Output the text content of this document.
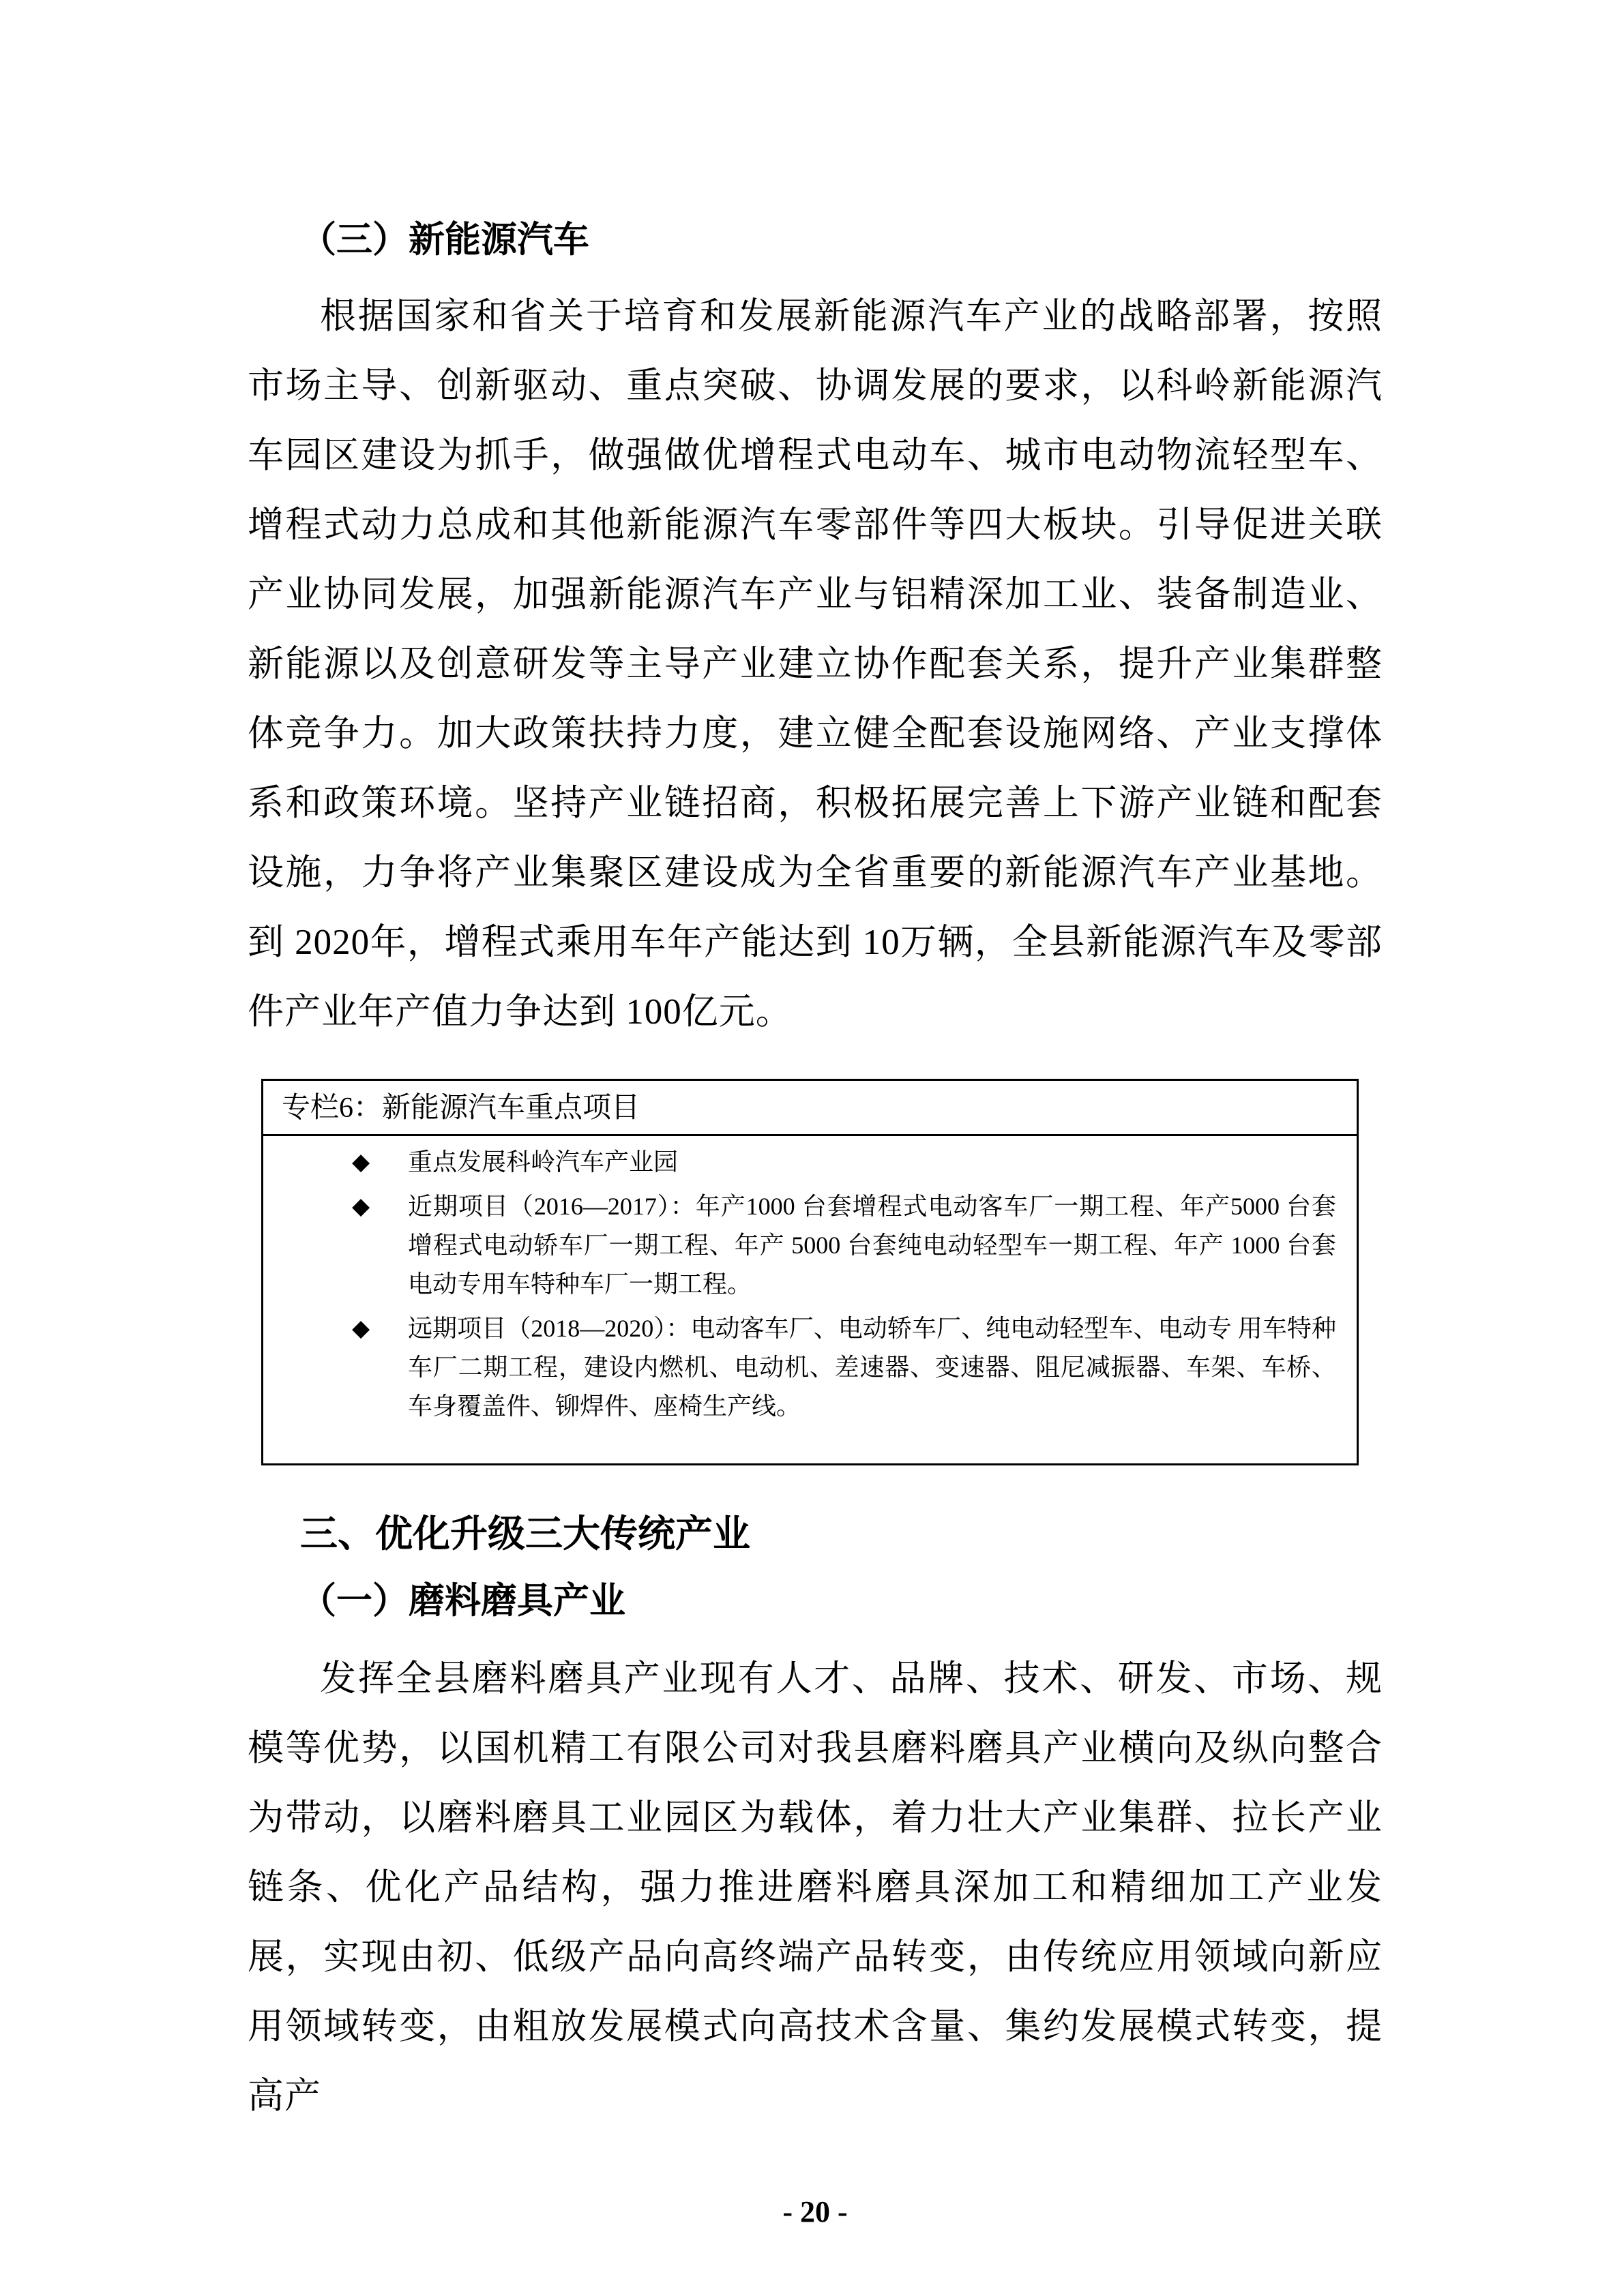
（三）新能源汽车
根据国家和省关于培育和发展新能源汽车产业的战略部署，按照市场主导、创新驱动、重点突破、协调发展的要求，以科岭新能源汽车园区建设为抓手，做强做优增程式电动车、城市电动物流轻型车、增程式动力总成和其他新能源汽车零部件等四大板块。引导促进关联产业协同发展，加强新能源汽车产业与铝精深加工业、装备制造业、新能源以及创意研发等主导产业建立协作配套关系，提升产业集群整体竞争力。加大政策扶持力度，建立健全配套设施网络、产业支撑体系和政策环境。坚持产业链招商，积极拓展完善上下游产业链和配套设施，力争将产业集聚区建设成为全省重要的新能源汽车产业基地。到 2020年，增程式乘用车年产能达到 10万辆，全县新能源汽车及零部件产业年产值力争达到 100亿元。
专栏6：新能源汽车重点项目
◆ 重点发展科岭汽车产业园
◆ 近期项目（2016—2017）：年产1000 台套增程式电动客车厂一期工程、年产5000 台套增程式电动轿车厂一期工程、年产 5000 台套纯电动轻型车一期工程、年产 1000 台套电动专用车特种车厂一期工程。
◆ 远期项目（2018—2020）：电动客车厂、电动轿车厂、纯电动轻型车、电动专 用车特种车厂二期工程，建设内燃机、电动机、差速器、变速器、阻尼减振器、车架、车桥、车身覆盖件、铆焊件、座椅生产线。
三、优化升级三大传统产业
（一）磨料磨具产业
发挥全县磨料磨具产业现有人才、品牌、技术、研发、市场、规模等优势，以国机精工有限公司对我县磨料磨具产业横向及纵向整合为带动，以磨料磨具工业园区为载体，着力壮大产业集群、拉长产业链条、优化产品结构，强力推进磨料磨具深加工和精细加工产业发展，实现由初、低级产品向高终端产品转变，由传统应用领域向新应用领域转变，由粗放发展模式向高技术含量、集约发展模式转变，提高产
- 20 -
